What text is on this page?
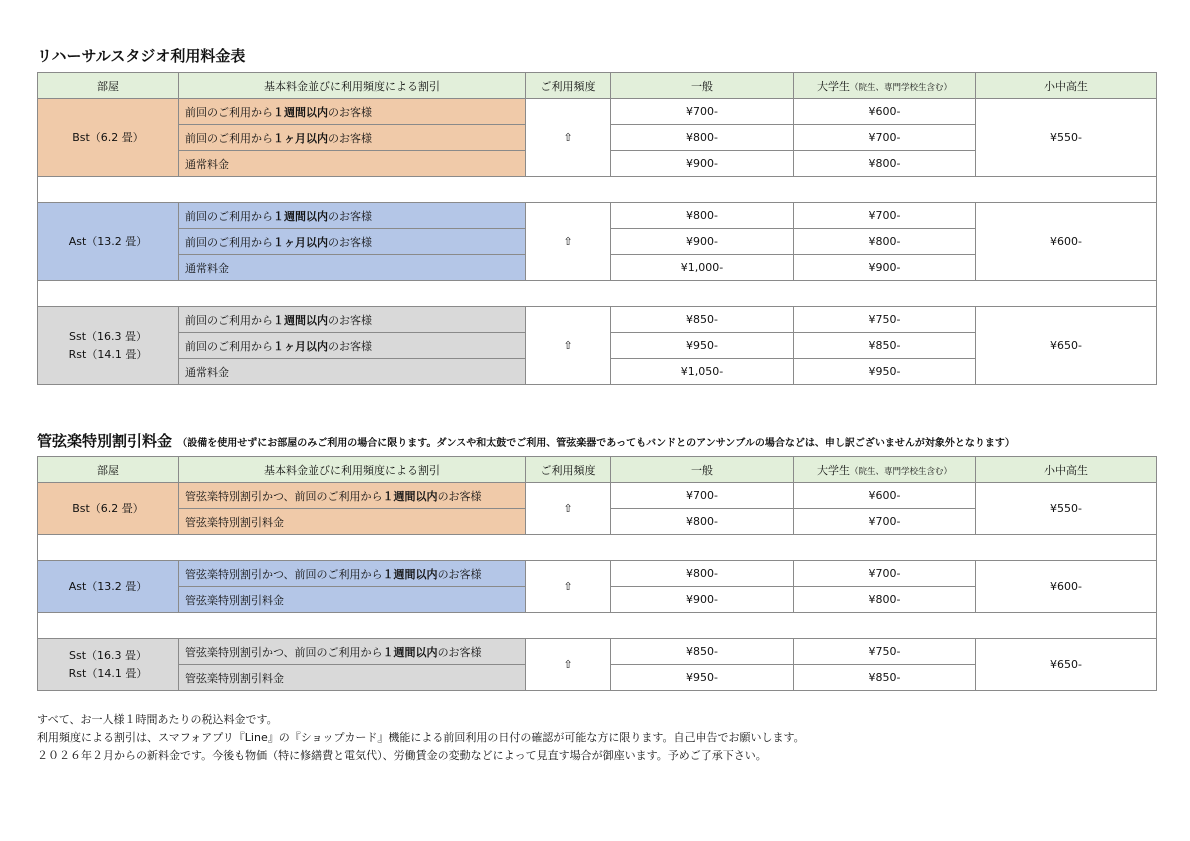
リハーサルスタジオ利用料金表
管弦楽特別割引料金 （設備を使用せずにお部屋のみご利用の場合に限ります。ダンスや和太鼓でご利用、管弦楽器であってもバンドとのアンサンブルの場合などは、申し訳ございませんが対象外となります）
部屋	基本料金並びに利用頻度による割引	ご利用頻度	一般	大学生（院生、専門学校生含む）	小中高生

Bst（6.2 畳）	前回のご利用から１週間以内のお客様	⇧	¥700-	¥600-	¥550-
	前回のご利用から１ヶ月以内のお客様		¥800-	¥700-	
	通常料金		¥900-	¥800-	

Ast（13.2 畳）	前回のご利用から１週間以内のお客様	⇧	¥800-	¥700-	¥600-
	前回のご利用から１ヶ月以内のお客様		¥900-	¥800-	
	通常料金		¥1,000-	¥900-	

Sst（16.3 畳）
Rst（14.1 畳）	前回のご利用から１週間以内のお客様	⇧	¥850-	¥750-	¥650-
	前回のご利用から１ヶ月以内のお客様		¥950-	¥850-	
	通常料金		¥1,050-	¥950-	
部屋	基本料金並びに利用頻度による割引	ご利用頻度	一般	大学生（院生、専門学校生含む）	小中高生

Bst（6.2 畳）	管弦楽特別割引かつ、前回のご利用から１週間以内のお客様	⇧	¥700-	¥600-	¥550-
	管弦楽特別割引料金		¥800-	¥700-	

Ast（13.2 畳）	管弦楽特別割引かつ、前回のご利用から１週間以内のお客様	⇧	¥800-	¥700-	¥600-
	管弦楽特別割引料金		¥900-	¥800-	

Sst（16.3 畳）
Rst（14.1 畳）	管弦楽特別割引かつ、前回のご利用から１週間以内のお客様	⇧	¥850-	¥750-	¥650-
	管弦楽特別割引料金		¥950-	¥850-	
すべて、お一人様１時間あたりの税込料金です。
利用頻度による割引は、スマフォアプリ『Line』の『ショップカード』機能による前回利用の日付の確認が可能な方に限ります。自己申告でお願いします。
２０２６年２月からの新料金です。今後も物価（特に修繕費と電気代）、労働賃金の変動などによって見直す場合が御座います。予めご了承下さい。
